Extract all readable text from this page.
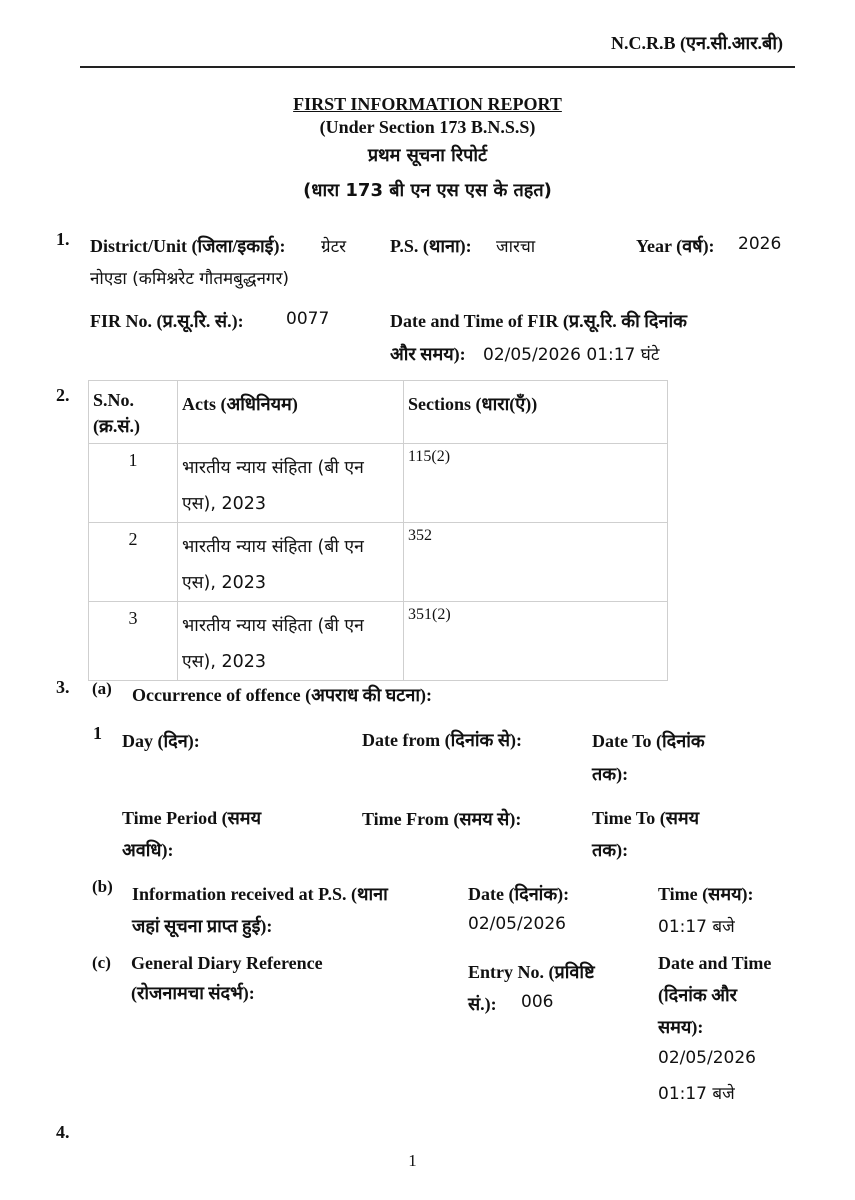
N.C.R.B (एन.सी.आर.बी)
FIRST INFORMATION REPORT
(Under Section 173 B.N.S.S)
प्रथम सूचना रिपोर्ट
(धारा 173 बी एन एस एस के तहत)
1. District/Unit (जिला/इकाई): ग्रेटर
नोएडा (कमिश्नरेट गौतमबुद्धनगर)
P.S. (थाना): जारचा	Year (वर्ष): 2026
FIR No. (प्र.सू.रि. सं.): 0077	Date and Time of FIR (प्र.सू.रि. की दिनांक
और समय): 02/05/2026 01:17 घंटे
2. S.No.
(क्र.सं.)	Acts (अधिनियम)	Sections (धारा(एँ))

1	भारतीय न्याय संहिता (बी एन एस), 2023	115(2)

2	भारतीय न्याय संहिता (बी एन एस), 2023	352

3	भारतीय न्याय संहिता (बी एन एस), 2023	351(2)
3. (a) Occurrence of offence (अपराध की घटना):
1 Day (दिन):	Date from (दिनांक से):	Date To (दिनांक
तक):
Time Period (समय
अवधि):
Time From (समय से):	Time To (समय
तक):
(b) Information received at P.S. (थाना
जहां सूचना प्राप्त हुई):
Date (दिनांक):
02/05/2026
Time (समय):
01:17 बजे
(c) General Diary Reference
(रोजनामचा संदर्भ):
Entry No. (प्रविष्टि
सं.): 006
Date and Time
(दिनांक और
समय):
02/05/2026
01:17 बजे
4.
1
